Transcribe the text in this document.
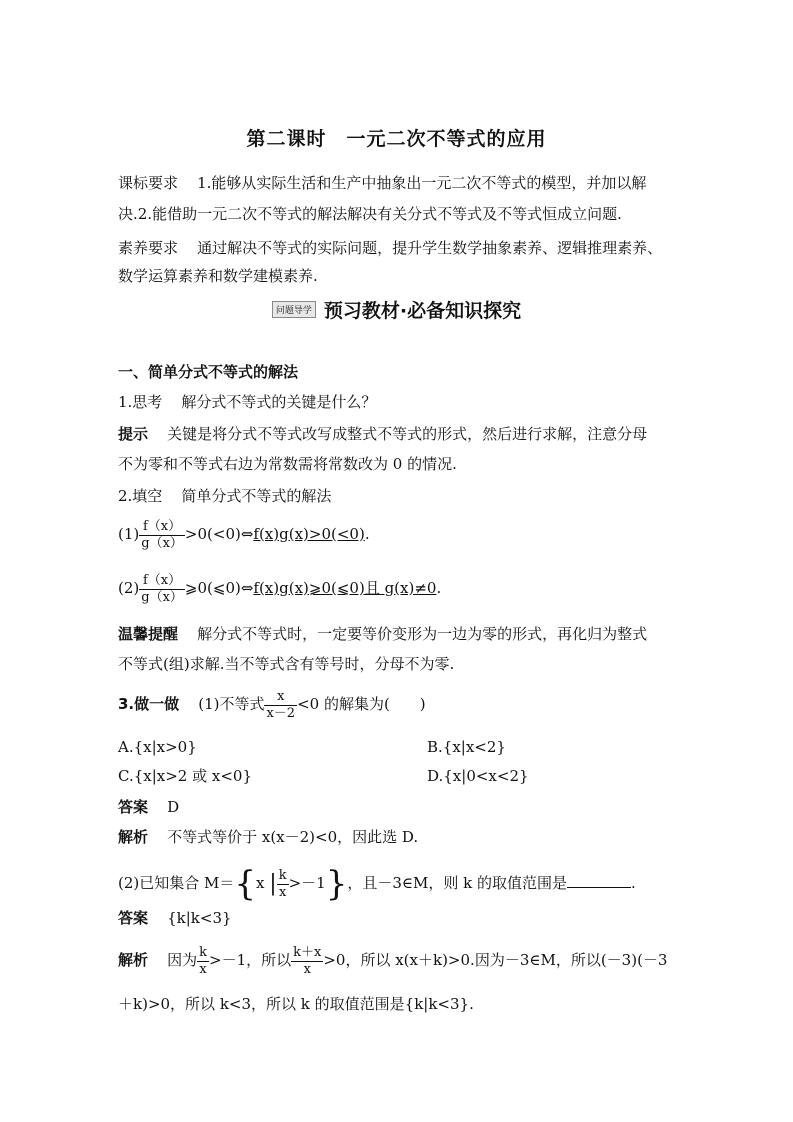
第二课时　一元二次不等式的应用
课标要求 1.能够从实际生活和生产中抽象出一元二次不等式的模型，并加以解
决.2.能借助一元二次不等式的解法解决有关分式不等式及不等式恒成立问题.
素养要求 通过解决不等式的实际问题，提升学生数学抽象素养、逻辑推理素养、
数学运算素养和数学建模素养.
问题导学 预习教材·必备知识探究
一、简单分式不等式的解法
1.思考 解分式不等式的关键是什么？
提示 关键是将分式不等式改写成整式不等式的形式，然后进行求解，注意分母
不为零和不等式右边为常数需将常数改为 0 的情况.
2.填空 简单分式不等式的解法
$(1) \frac{f(x)}{g(x)}$ >0(<0)⇔f(x)g(x)>0(<0).
$(2) \frac{f(x)}{g(x)}$ ⩾0(⩽0)⇔f(x)g(x)⩾0(⩽0)且 g(x)≠0.
温馨提醒 解分式不等式时，一定要等价变形为一边为零的形式，再化归为整式
不等式(组)求解.当不等式含有等号时，分母不为零.
3.做一做 (1)不等式 $\frac{x}{x-2} <0$ 的解集为(　　)
A.{x|x>0}	B.{x|x<2}
C.{x|x>2 或 x<0}	D.{x|0<x<2}
答案 D
解析 不等式等价于 x(x－2)<0，因此选 D.
(2)已知集合 M＝{x | $\frac{k}{x} >-1$}，且－3∈M，则 k 的取值范围是	.
答案 {k|k<3}
解析 因为 $\frac{k}{x} >-1$，所以 $\frac{k+x}{x} >0$，所以 x(x＋k)>0.因为－3∈M，所以(－3)(－3
＋k)>0，所以 k<3，所以 k 的取值范围是{k|k<3}.
